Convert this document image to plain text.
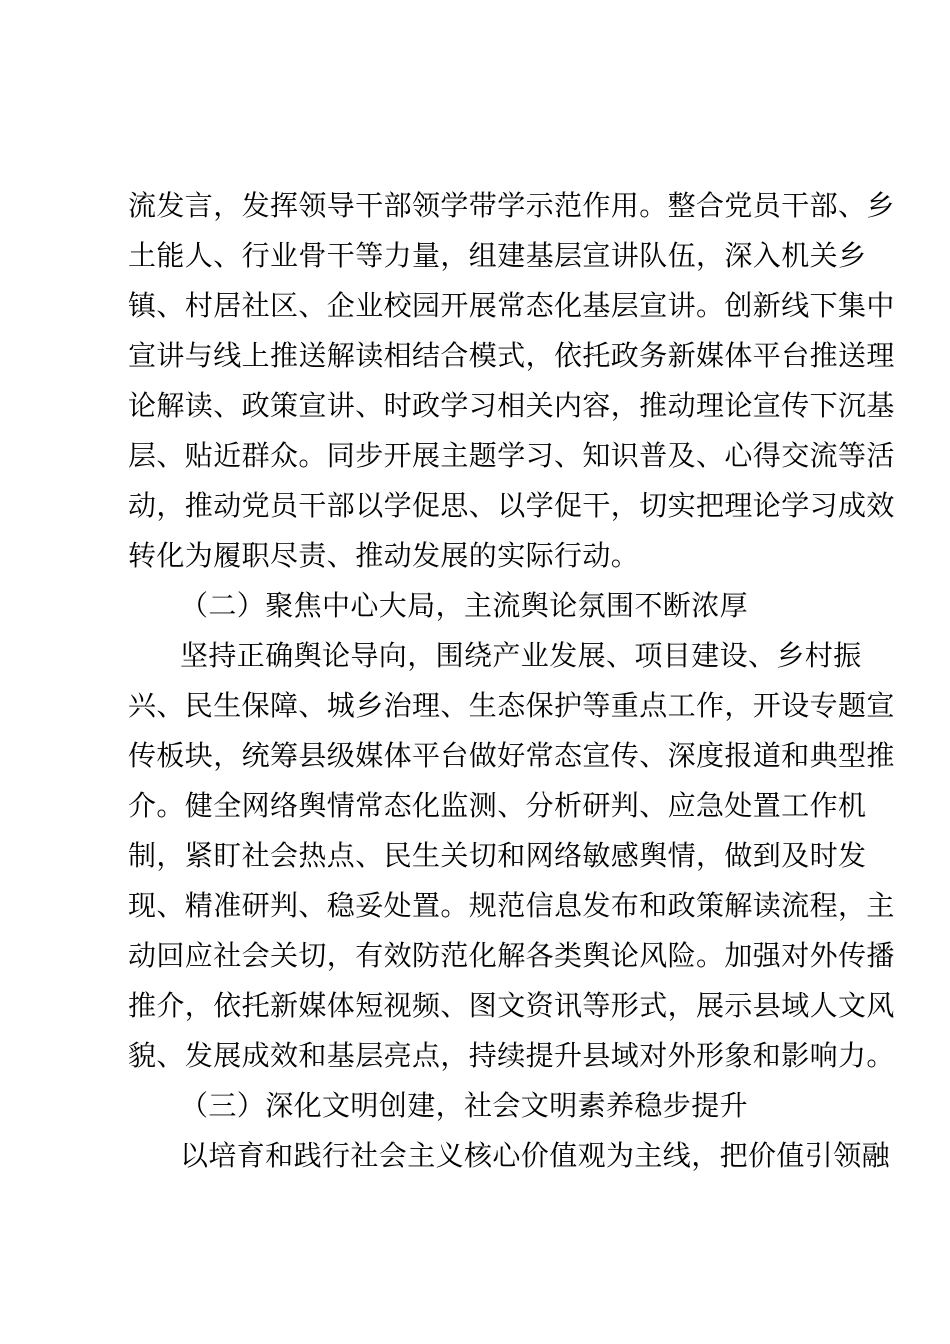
流发言，发挥领导干部领学带学示范作用。整合党员干部、乡
土能人、行业骨干等力量，组建基层宣讲队伍，深入机关乡
镇、村居社区、企业校园开展常态化基层宣讲。创新线下集中
宣讲与线上推送解读相结合模式，依托政务新媒体平台推送理
论解读、政策宣讲、时政学习相关内容，推动理论宣传下沉基
层、贴近群众。同步开展主题学习、知识普及、心得交流等活
动，推动党员干部以学促思、以学促干，切实把理论学习成效
转化为履职尽责、推动发展的实际行动。
（二）聚焦中心大局，主流舆论氛围不断浓厚
坚持正确舆论导向，围绕产业发展、项目建设、乡村振
兴、民生保障、城乡治理、生态保护等重点工作，开设专题宣
传板块，统筹县级媒体平台做好常态宣传、深度报道和典型推
介。健全网络舆情常态化监测、分析研判、应急处置工作机
制，紧盯社会热点、民生关切和网络敏感舆情，做到及时发
现、精准研判、稳妥处置。规范信息发布和政策解读流程，主
动回应社会关切，有效防范化解各类舆论风险。加强对外传播
推介，依托新媒体短视频、图文资讯等形式，展示县域人文风
貌、发展成效和基层亮点，持续提升县域对外形象和影响力。
（三）深化文明创建，社会文明素养稳步提升
以培育和践行社会主义核心价值观为主线，把价值引领融
